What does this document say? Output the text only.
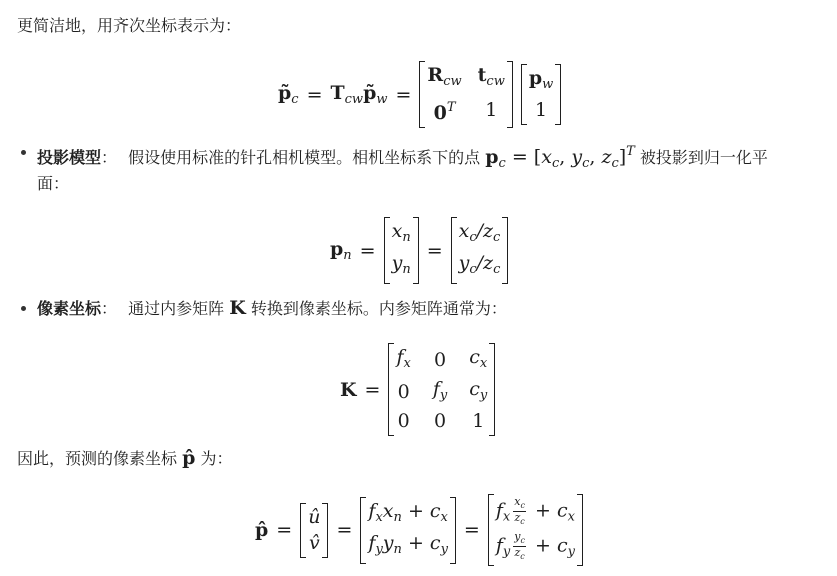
更简洁地，用齐次坐标表示为：
$p̃_c$ = $T_{cw}p̃_w$ =
$R_{cw}$ $t_{cw}$
$0^T$ 1
$p_w$
1
投影模型： 假设使用标准的针孔相机模型。相机坐标系下的点 $p_c = [x_c$, $y_c$, $z_c]^T$ 被投影到归一化平
面：
$p_n$ =
$x_n$
$y_n$
=
$x_c/z_c$
$y_c/z_c$
像素坐标： 通过内参矩阵 K 转换到像素坐标。内参矩阵通常为：
K =
$f_x$ 0 $c_x$
0 $f_y$ $c_y$
0 0 1
因此，预测的像素坐标 p̂ 为：
p̂ =
û
v̂
=
$f_xx_n + c_x$
$f_yy_n + c_y$
=
$f_x \frac{x_c}{z_c} + c_x$
$f_y \frac{y_c}{z_c} + c_y$
